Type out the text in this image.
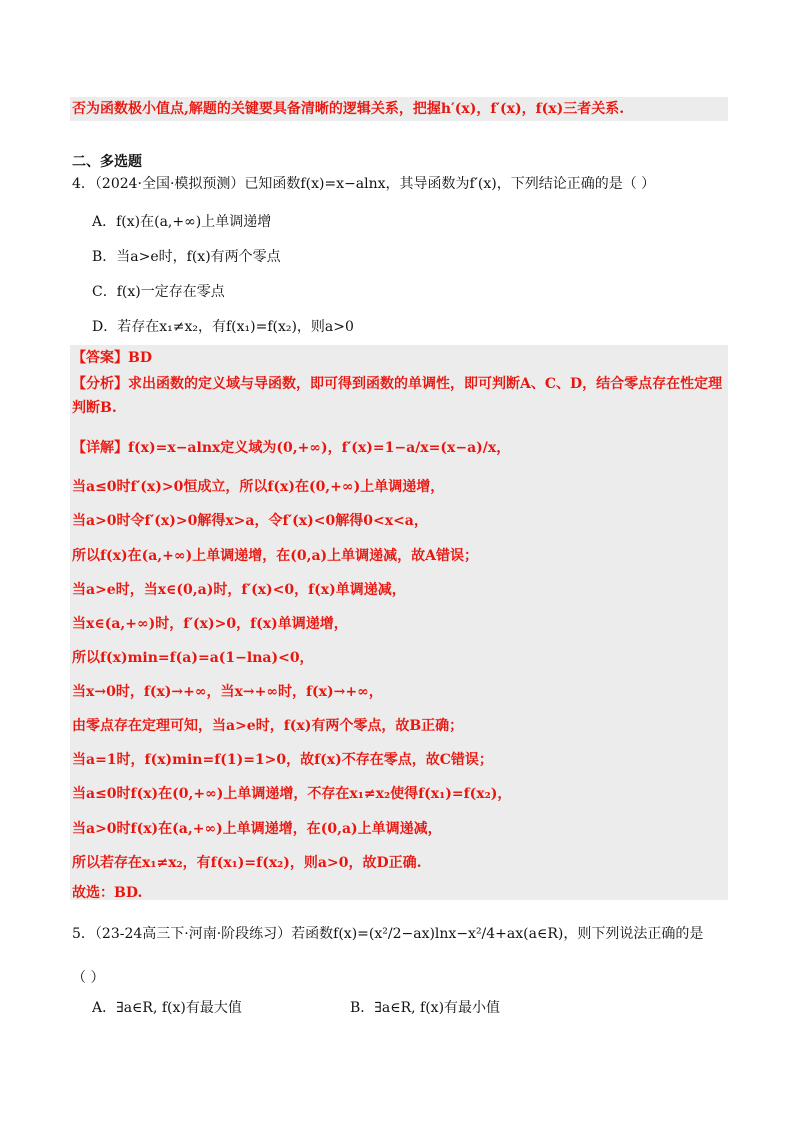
否为函数极小值点,解题的关键要具备清晰的逻辑关系，把握h′(x)，f′(x)，f(x)三者关系.
二、多选题
4．（2024·全国·模拟预测）已知函数f(x)=x−alnx，其导函数为f′(x)，下列结论正确的是（ ）
A．f(x)在(a,+∞)上单调递增
B．当a>e时，f(x)有两个零点
C．f(x)一定存在零点
D．若存在x₁≠x₂，有f(x₁)=f(x₂)，则a>0
【答案】BD
【分析】求出函数的定义域与导函数，即可得到函数的单调性，即可判断A、C、D，结合零点存在性定理
判断B.
【详解】f(x)=x−alnx定义域为(0,+∞)，f′(x)=1−a/x=(x−a)/x，
当a≤0时f′(x)>0恒成立，所以f(x)在(0,+∞)上单调递增，
当a>0时令f′(x)>0解得x>a，令f′(x)<0解得0<x<a，
所以f(x)在(a,+∞)上单调递增，在(0,a)上单调递减，故A错误；
当a>e时，当x∈(0,a)时，f′(x)<0，f(x)单调递减，
当x∈(a,+∞)时，f′(x)>0，f(x)单调递增，
所以f(x)min=f(a)=a(1−lna)<0，
当x→0时，f(x)→+∞，当x→+∞时，f(x)→+∞，
由零点存在定理可知，当a>e时，f(x)有两个零点，故B正确；
当a=1时，f(x)min=f(1)=1>0，故f(x)不存在零点，故C错误；
当a≤0时f(x)在(0,+∞)上单调递增，不存在x₁≠x₂使得f(x₁)=f(x₂)，
当a>0时f(x)在(a,+∞)上单调递增，在(0,a)上单调递减，
所以若存在x₁≠x₂，有f(x₁)=f(x₂)，则a>0，故D正确.
故选：BD.
5．（23-24高三下·河南·阶段练习）若函数f(x)=(x²/2−ax)lnx−x²/4+ax(a∈R)，则下列说法正确的是
（ ）
A．∃a∈R, f(x)有最大值	B．∃a∈R, f(x)有最小值
